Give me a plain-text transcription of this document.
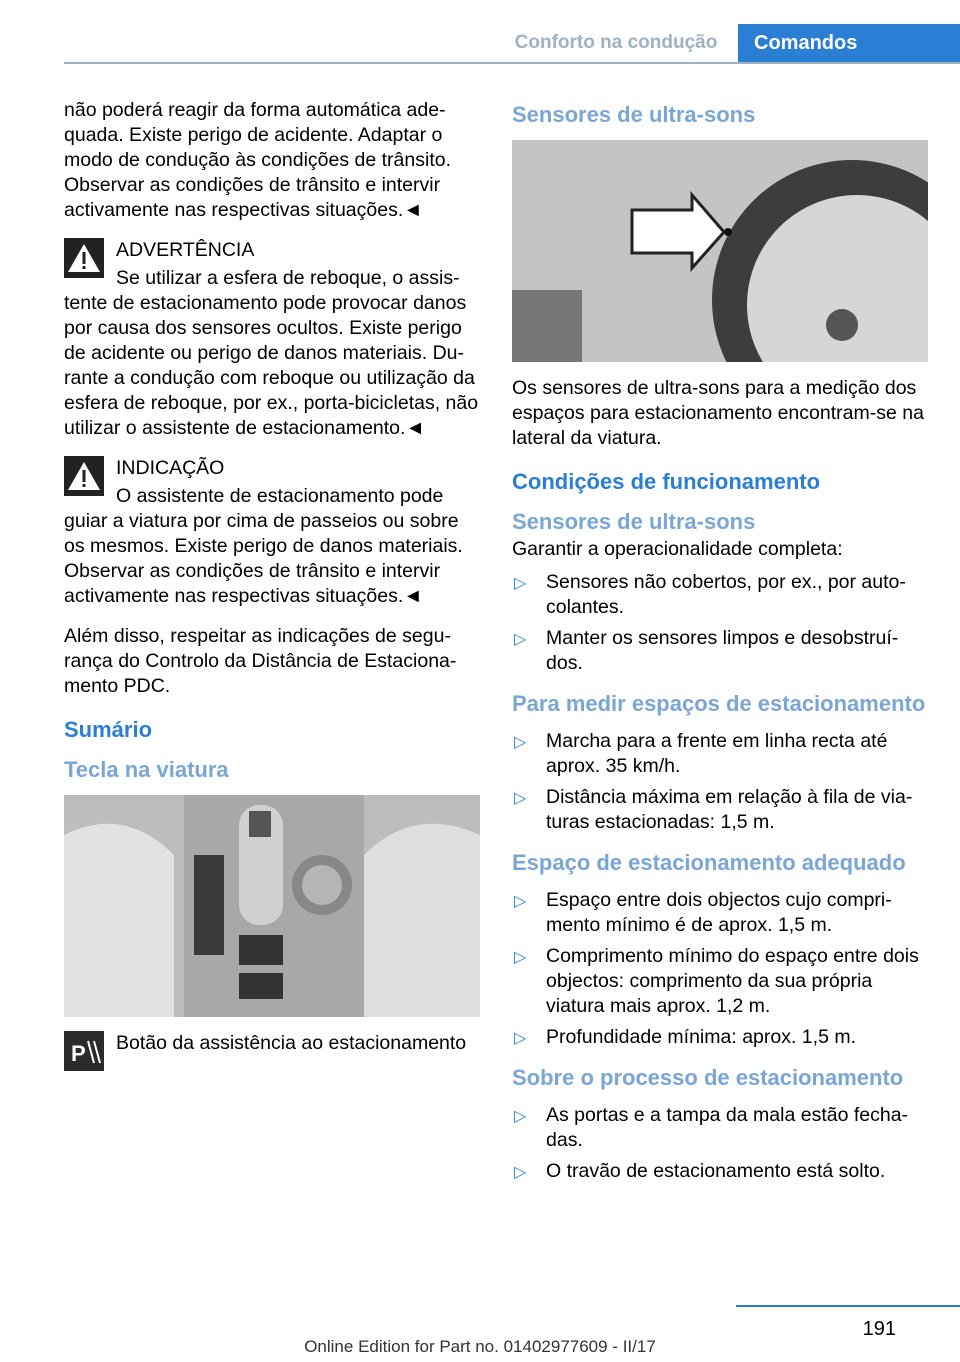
Conforto na condução	Comandos

não poderá reagir da forma automática ade-quada. Existe perigo de acidente. Adaptar o modo de condução às condições de trânsito. Observar as condições de trânsito e intervir activamente nas respectivas situações.◄

ADVERTÊNCIA
Se utilizar a esfera de reboque, o assis-tente de estacionamento pode provocar danos por causa dos sensores ocultos. Existe perigo de acidente ou perigo de danos materiais. Du-rante a condução com reboque ou utilização da esfera de reboque, por ex., porta-bicicletas, não utilizar o assistente de estacionamento.◄
INDICAÇÃO
O assistente de estacionamento pode guiar a viatura por cima de passeios ou sobre os mesmos. Existe perigo de danos materiais. Observar as condições de trânsito e intervir activamente nas respectivas situações.◄

Além disso, respeitar as indicações de segu-rança do Controlo da Distância de Estaciona-mento PDC.

Sumário
Tecla na viatura
P Botão da assistência ao estacionamento
Sensores de ultra-sons

Os sensores de ultra-sons para a medição dos espaços para estacionamento encontram-se na lateral da viatura.

Condições de funcionamento
Sensores de ultra-sons

Garantir a operacionalidade completa:

▷ Sensores não cobertos, por ex., por auto-colantes.
▷ Manter os sensores limpos e desobstruí-dos.
Para medir espaços de estacionamento
▷ Marcha para a frente em linha recta até aprox. 35 km/h.
▷ Distância máxima em relação à fila de via-turas estacionadas: 1,5 m.
Espaço de estacionamento adequado
▷ Espaço entre dois objectos cujo compri-mento mínimo é de aprox. 1,5 m.
▷ Comprimento mínimo do espaço entre dois objectos: comprimento da sua própria viatura mais aprox. 1,2 m.
▷ Profundidade mínima: aprox. 1,5 m.
Sobre o processo de estacionamento
▷ As portas e a tampa da mala estão fecha-das.
▷ O travão de estacionamento está solto.
191
Online Edition for Part no. 01402977609 - II/17
